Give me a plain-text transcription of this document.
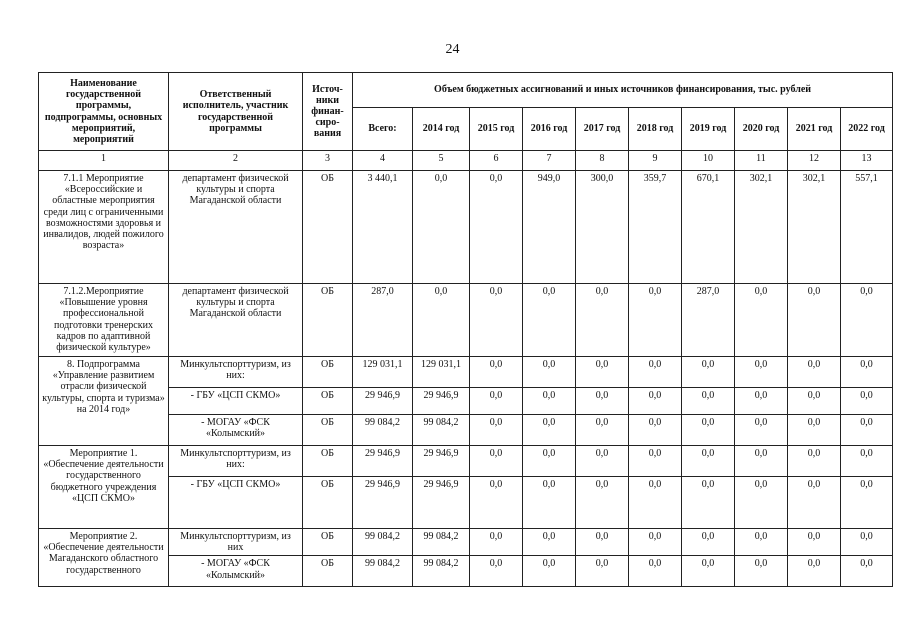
24
Наименование государственной программы, подпрограммы, основных мероприятий, мероприятий	Ответственный исполнитель, участник государственной программы	Источ-ники финан-сиро-вания	Объем бюджетных ассигнований и иных источников финансирования, тыс. рублей									
			Всего:	2014 год	2015 год	2016 год	2017 год	2018 год	2019 год	2020 год	2021 год	2022 год
1	2	3	4	5	6	7	8	9	10	11	12	13
7.1.1 Мероприятие «Всероссийские и областные мероприятия среди лиц с ограниченными возможностями здоровья и инвалидов, людей пожилого возраста»	департамент физической культуры и спорта Магаданской области	ОБ	3 440,1	0,0	0,0	949,0	300,0	359,7	670,1	302,1	302,1	557,1
7.1.2.Мероприятие «Повышение уровня профессиональной подготовки тренерских кадров по адаптивной физической культуре»	департамент физической культуры и спорта Магаданской области	ОБ	287,0	0,0	0,0	0,0	0,0	0,0	287,0	0,0	0,0	0,0
8. Подпрограмма «Управление развитием отрасли физической культуры, спорта и туризма» на 2014 год»	Минкультспорттуризм, из них:	ОБ	129 031,1	129 031,1	0,0	0,0	0,0	0,0	0,0	0,0	0,0	0,0
	- ГБУ «ЦСП СКМО»	ОБ	29 946,9	29 946,9	0,0	0,0	0,0	0,0	0,0	0,0	0,0	0,0
	- МОГАУ «ФСК «Колымский»	ОБ	99 084,2	99 084,2	0,0	0,0	0,0	0,0	0,0	0,0	0,0	0,0
Мероприятие 1. «Обеспечение деятельности государственного бюджетного учреждения «ЦСП СКМО»	Минкультспорттуризм, из них:	ОБ	29 946,9	29 946,9	0,0	0,0	0,0	0,0	0,0	0,0	0,0	0,0
	- ГБУ «ЦСП СКМО»	ОБ	29 946,9	29 946,9	0,0	0,0	0,0	0,0	0,0	0,0	0,0	0,0
Мероприятие 2. «Обеспечение деятельности Магаданского областного государственного	Минкультспорттуризм, из них	ОБ	99 084,2	99 084,2	0,0	0,0	0,0	0,0	0,0	0,0	0,0	0,0
	- МОГАУ «ФСК «Колымский»	ОБ	99 084,2	99 084,2	0,0	0,0	0,0	0,0	0,0	0,0	0,0	0,0
